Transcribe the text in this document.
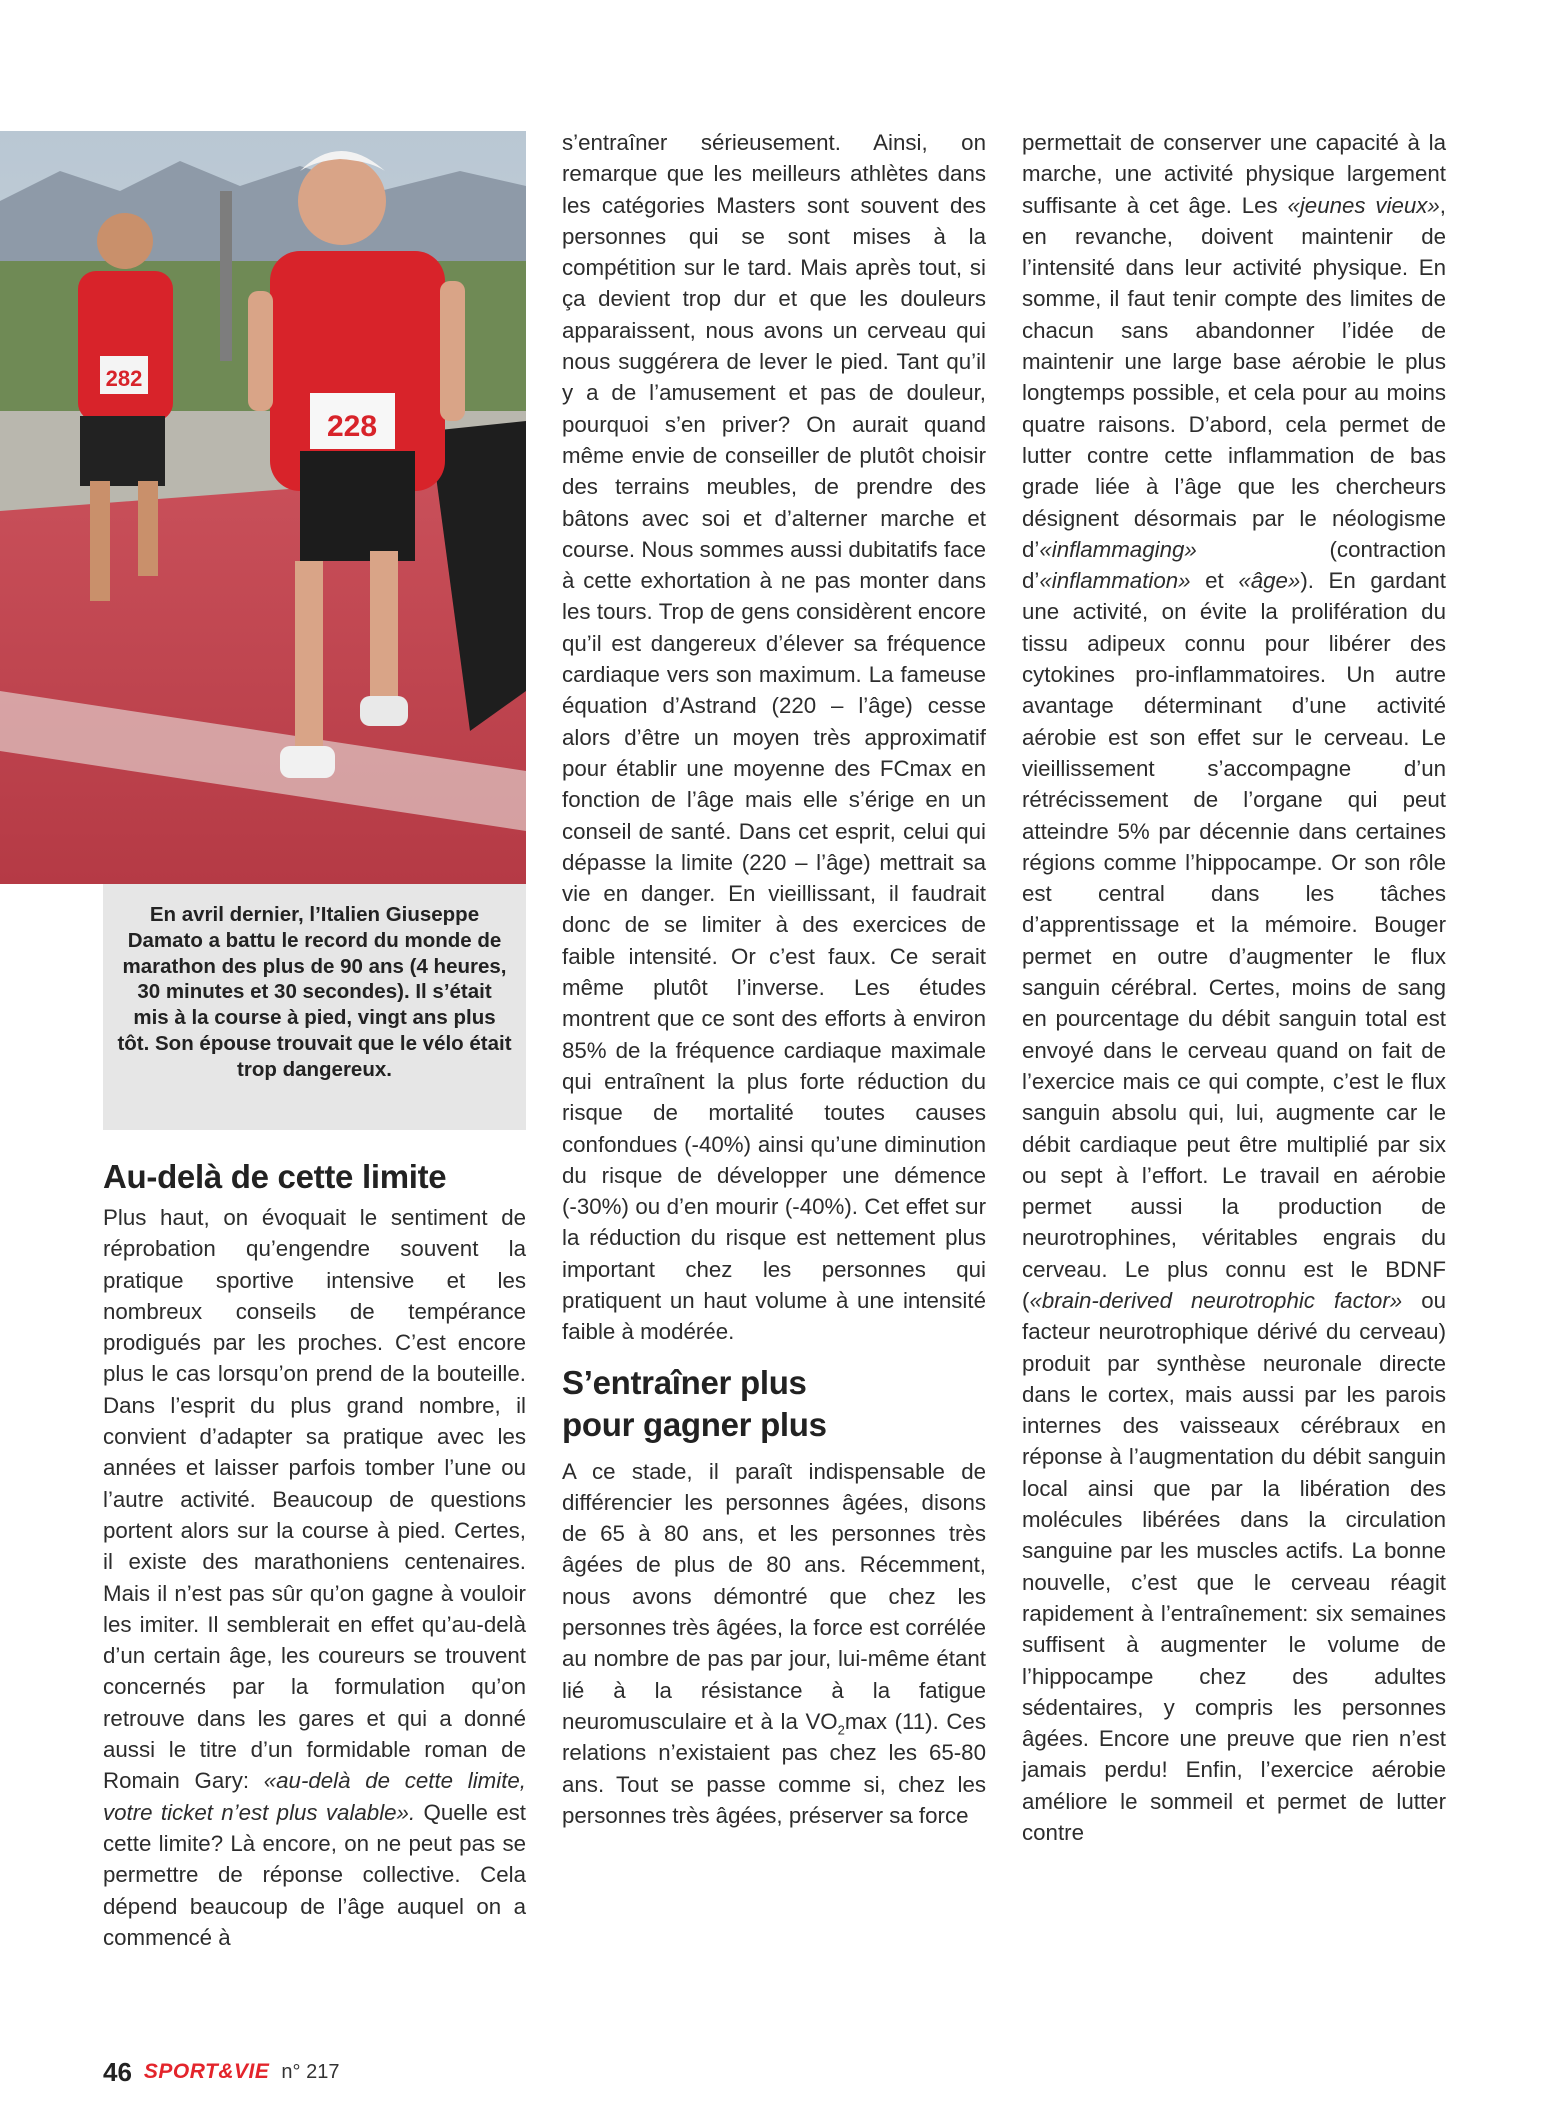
228
282

En avril dernier, l’Italien Giuseppe Damato a battu le record du monde de marathon des plus de 90 ans (4 heures, 30 minutes et 30 secondes). Il s’était mis à la course à pied, vingt ans plus tôt. Son épouse trouvait que le vélo était trop dangereux.

Au-delà de cette limite

Plus haut, on évoquait le sentiment de réprobation qu’engendre souvent la pratique sportive intensive et les nombreux conseils de tempérance prodigués par les proches. C’est encore plus le cas lorsqu’on prend de la bouteille. Dans l’esprit du plus grand nombre, il convient d’adapter sa pratique avec les années et laisser parfois tomber l’une ou l’autre activité. Beaucoup de questions portent alors sur la course à pied. Certes, il existe des marathoniens centenaires. Mais il n’est pas sûr qu’on gagne à vouloir les imiter. Il semblerait en effet qu’au-delà d’un certain âge, les coureurs se trouvent concernés par la formulation qu’on retrouve dans les gares et qui a donné aussi le titre d’un formidable roman de Romain Gary: «au-delà de cette limite, votre ticket n’est plus valable». Quelle est cette limite? Là encore, on ne peut pas se permettre de réponse collective. Cela dépend beaucoup de l’âge auquel on a commencé à

s’entraîner sérieusement. Ainsi, on remarque que les meilleurs athlètes dans les catégories Masters sont souvent des personnes qui se sont mises à la compétition sur le tard. Mais après tout, si ça devient trop dur et que les douleurs apparaissent, nous avons un cerveau qui nous suggérera de lever le pied. Tant qu’il y a de l’amusement et pas de douleur, pourquoi s’en priver? On aurait quand même envie de conseiller de plutôt choisir des terrains meubles, de prendre des bâtons avec soi et d’alterner marche et course. Nous sommes aussi dubitatifs face à cette exhortation à ne pas monter dans les tours. Trop de gens considèrent encore qu’il est dangereux d’élever sa fréquence cardiaque vers son maximum. La fameuse équation d’Astrand (220 – l’âge) cesse alors d’être un moyen très approximatif pour établir une moyenne des FCmax en fonction de l’âge mais elle s’érige en un conseil de santé. Dans cet esprit, celui qui dépasse la limite (220 – l’âge) mettrait sa vie en danger. En vieillissant, il faudrait donc de se limiter à des exercices de faible intensité. Or c’est faux. Ce serait même plutôt l’inverse. Les études montrent que ce sont des efforts à environ 85% de la fréquence cardiaque maximale qui entraînent la plus forte réduction du risque de mortalité toutes causes confondues (-40%) ainsi qu’une diminution du risque de développer une démence (-30%) ou d’en mourir (-40%). Cet effet sur la réduction du risque est nettement plus important chez les personnes qui pratiquent un haut volume à une intensité faible à modérée.

S’entraîner plus
pour gagner plus

A ce stade, il paraît indispensable de différencier les personnes âgées, disons de 65 à 80 ans, et les personnes très âgées de plus de 80 ans. Récemment, nous avons démontré que chez les personnes très âgées, la force est corrélée au nombre de pas par jour, lui-même étant lié à la résistance à la fatigue neuromusculaire et à la $VO_2\max$ (11). Ces relations n’existaient pas chez les 65-80 ans. Tout se passe comme si, chez les personnes très âgées, préserver sa force

permettait de conserver une capacité à la marche, une activité physique largement suffisante à cet âge. Les «jeunes vieux», en revanche, doivent maintenir de l’intensité dans leur activité physique. En somme, il faut tenir compte des limites de chacun sans abandonner l’idée de maintenir une large base aérobie le plus longtemps possible, et cela pour au moins quatre raisons. D’abord, cela permet de lutter contre cette inflammation de bas grade liée à l’âge que les chercheurs désignent désormais par le néologisme d’«inflammaging» (contraction d’«inflammation» et «âge»). En gardant une activité, on évite la prolifération du tissu adipeux connu pour libérer des cytokines pro-inflammatoires. Un autre avantage déterminant d’une activité aérobie est son effet sur le cerveau. Le vieillissement s’accompagne d’un rétrécissement de l’organe qui peut atteindre 5% par décennie dans certaines régions comme l’hippocampe. Or son rôle est central dans les tâches d’apprentissage et la mémoire. Bouger permet en outre d’augmenter le flux sanguin cérébral. Certes, moins de sang en pourcentage du débit sanguin total est envoyé dans le cerveau quand on fait de l’exercice mais ce qui compte, c’est le flux sanguin absolu qui, lui, augmente car le débit cardiaque peut être multiplié par six ou sept à l’effort. Le travail en aérobie permet aussi la production de neurotrophines, véritables engrais du cerveau. Le plus connu est le BDNF («brain-derived neurotrophic factor» ou facteur neurotrophique dérivé du cerveau) produit par synthèse neuronale directe dans le cortex, mais aussi par les parois internes des vaisseaux cérébraux en réponse à l’augmentation du débit sanguin local ainsi que par la libération des molécules libérées dans la circulation sanguine par les muscles actifs. La bonne nouvelle, c’est que le cerveau réagit rapidement à l’entraînement: six semaines suffisent à augmenter le volume de l’hippocampe chez des adultes sédentaires, y compris les personnes âgées. Encore une preuve que rien n’est jamais perdu! Enfin, l’exercice aérobie améliore le sommeil et permet de lutter contre

46 SPORT&VIE n° 217
